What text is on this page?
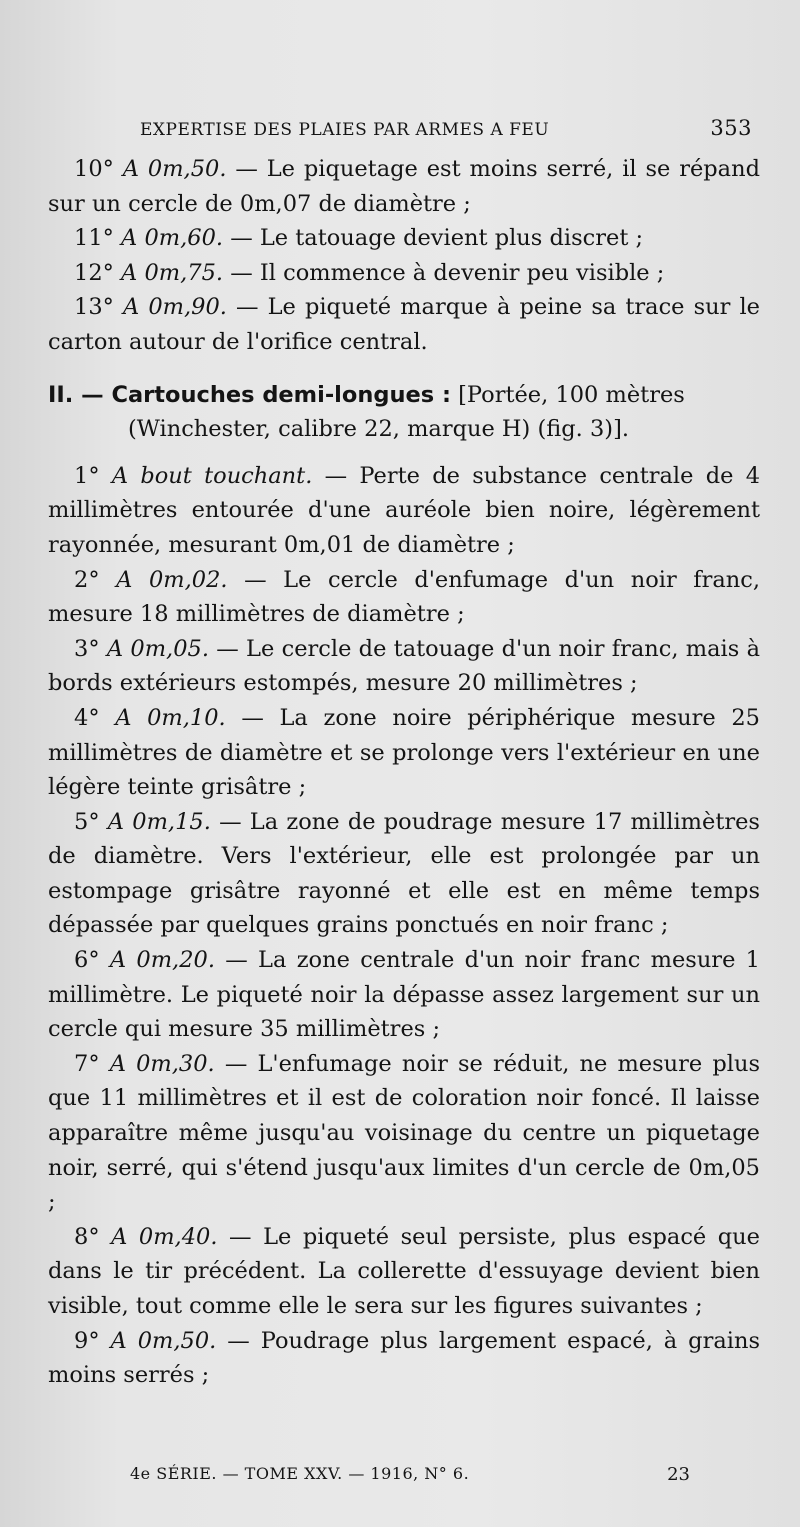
EXPERTISE DES PLAIES PAR ARMES A FEU	353

10° A 0m,50. — Le piquetage est moins serré, il se répand sur un cercle de 0m,07 de diamètre ;

11° A 0m,60. — Le tatouage devient plus discret ;

12° A 0m,75. — Il commence à devenir peu visible ;

13° A 0m,90. — Le piqueté marque à peine sa trace sur le carton autour de l'orifice central.

II. — Cartouches demi-longues : [Portée, 100 mètres
(Winchester, calibre 22, marque H) (fig. 3)].

1° A bout touchant. — Perte de substance centrale de 4 millimètres entourée d'une auréole bien noire, légèrement rayonnée, mesurant 0m,01 de diamètre ;

2° A 0m,02. — Le cercle d'enfumage d'un noir franc, mesure 18 millimètres de diamètre ;

3° A 0m,05. — Le cercle de tatouage d'un noir franc, mais à bords extérieurs estompés, mesure 20 millimètres ;

4° A 0m,10. — La zone noire périphérique mesure 25 millimètres de diamètre et se prolonge vers l'extérieur en une légère teinte grisâtre ;

5° A 0m,15. — La zone de poudrage mesure 17 millimètres de diamètre. Vers l'extérieur, elle est prolongée par un estompage grisâtre rayonné et elle est en même temps dépassée par quelques grains ponctués en noir franc ;

6° A 0m,20. — La zone centrale d'un noir franc mesure 1 millimètre. Le piqueté noir la dépasse assez largement sur un cercle qui mesure 35 millimètres ;

7° A 0m,30. — L'enfumage noir se réduit, ne mesure plus que 11 millimètres et il est de coloration noir foncé. Il laisse apparaître même jusqu'au voisinage du centre un piquetage noir, serré, qui s'étend jusqu'aux limites d'un cercle de 0m,05 ;

8° A 0m,40. — Le piqueté seul persiste, plus espacé que dans le tir précédent. La collerette d'essuyage devient bien visible, tout comme elle le sera sur les figures suivantes ;

9° A 0m,50. — Poudrage plus largement espacé, à grains moins serrés ;

4e SÉRIE. — TOME XXV. — 1916, N° 6.	23
